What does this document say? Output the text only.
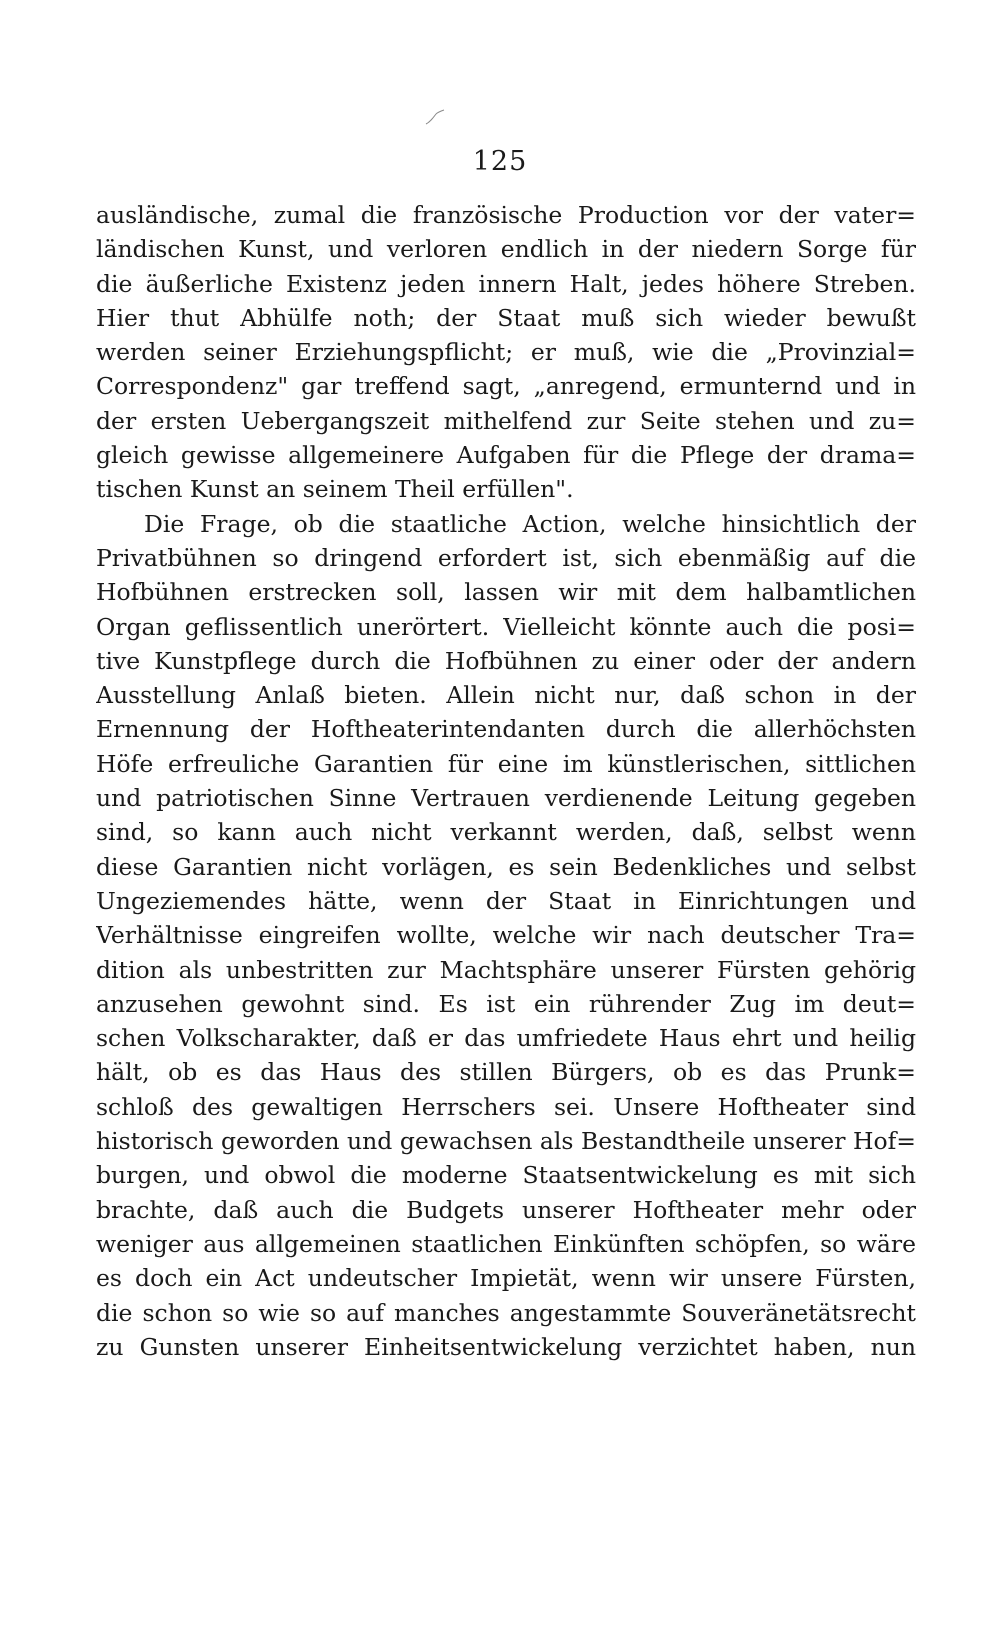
125
ausländische, zumal die französische Production vor der vater=
ländischen Kunst, und verloren endlich in der niedern Sorge für
die äußerliche Existenz jeden innern Halt, jedes höhere Streben.
Hier thut Abhülfe noth; der Staat muß sich wieder bewußt
werden seiner Erziehungspflicht; er muß, wie die „Provinzial=
Correspondenz" gar treffend sagt, „anregend, ermunternd und in
der ersten Uebergangszeit mithelfend zur Seite stehen und zu=
gleich gewisse allgemeinere Aufgaben für die Pflege der drama=
tischen Kunst an seinem Theil erfüllen".
Die Frage, ob die staatliche Action, welche hinsichtlich der
Privatbühnen so dringend erfordert ist, sich ebenmäßig auf die
Hofbühnen erstrecken soll, lassen wir mit dem halbamtlichen
Organ geflissentlich unerörtert. Vielleicht könnte auch die posi=
tive Kunstpflege durch die Hofbühnen zu einer oder der andern
Ausstellung Anlaß bieten. Allein nicht nur, daß schon in der
Ernennung der Hoftheaterintendanten durch die allerhöchsten
Höfe erfreuliche Garantien für eine im künstlerischen, sittlichen
und patriotischen Sinne Vertrauen verdienende Leitung gegeben
sind, so kann auch nicht verkannt werden, daß, selbst wenn
diese Garantien nicht vorlägen, es sein Bedenkliches und selbst
Ungeziemendes hätte, wenn der Staat in Einrichtungen und
Verhältnisse eingreifen wollte, welche wir nach deutscher Tra=
dition als unbestritten zur Machtsphäre unserer Fürsten gehörig
anzusehen gewohnt sind. Es ist ein rührender Zug im deut=
schen Volkscharakter, daß er das umfriedete Haus ehrt und heilig
hält, ob es das Haus des stillen Bürgers, ob es das Prunk=
schloß des gewaltigen Herrschers sei. Unsere Hoftheater sind
historisch geworden und gewachsen als Bestandtheile unserer Hof=
burgen, und obwol die moderne Staatsentwickelung es mit sich
brachte, daß auch die Budgets unserer Hoftheater mehr oder
weniger aus allgemeinen staatlichen Einkünften schöpfen, so wäre
es doch ein Act undeutscher Impietät, wenn wir unsere Fürsten,
die schon so wie so auf manches angestammte Souveränetätsrecht
zu Gunsten unserer Einheitsentwickelung verzichtet haben, nun
